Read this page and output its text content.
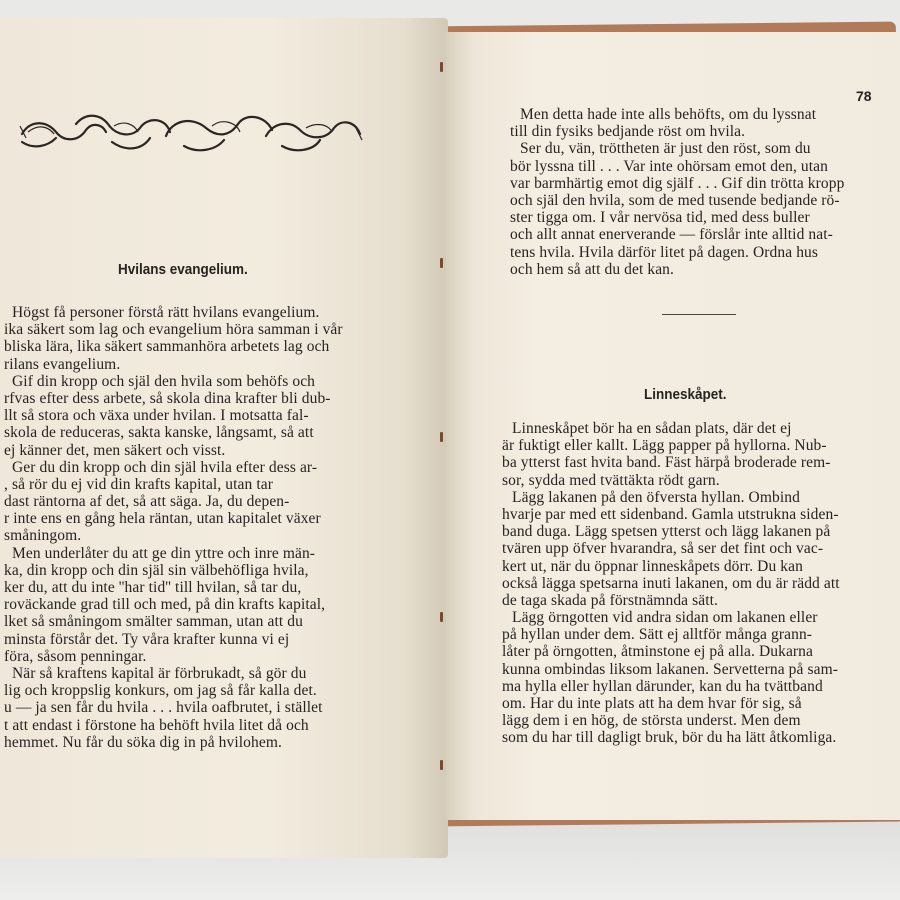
Hvilans evangelium.
Högst få personer förstå rätt hvilans evangelium.
ika säkert som lag och evangelium höra samman i vår
bliska lära, lika säkert sammanhöra arbetets lag och
rilans evangelium.
Gif din kropp och själ den hvila som behöfs och
rfvas efter dess arbete, så skola dina krafter bli dub-
llt så stora och växa under hvilan. I motsatta fal-
skola de reduceras, sakta kanske, långsamt, så att
ej känner det, men säkert och visst.
Ger du din kropp och din själ hvila efter dess ar-
, så rör du ej vid din krafts kapital, utan tar
dast räntorna af det, så att säga. Ja, du depen-
r inte ens en gång hela räntan, utan kapitalet växer
småningom.
Men underlåter du att ge din yttre och inre män-
ka, din kropp och din själ sin välbehöfliga hvila,
ker du, att du inte ''har tid'' till hvilan, så tar du,
roväckande grad till och med, på din krafts kapital,
lket så småningom smälter samman, utan att du
minsta förstår det. Ty våra krafter kunna vi ej
föra, såsom penningar.
När så kraftens kapital är förbrukadt, så gör du
lig och kroppslig konkurs, om jag så får kalla det.
u — ja sen får du hvila . . . hvila oafbrutet, i stället
t att endast i förstone ha behöft hvila litet då och
hemmet. Nu får du söka dig in på hvilohem.
78
Men detta hade inte alls behöfts, om du lyssnat
till din fysiks bedjande röst om hvila.
Ser du, vän, tröttheten är just den röst, som du
bör lyssna till . . . Var inte ohörsam emot den, utan
var barmhärtig emot dig själf . . . Gif din trötta kropp
och själ den hvila, som de med tusende bedjande rö-
ster tigga om. I vår nervösa tid, med dess buller
och allt annat enerverande — förslår inte alltid nat-
tens hvila. Hvila därför litet på dagen. Ordna hus
och hem så att du det kan.
Linneskåpet.
Linneskåpet bör ha en sådan plats, där det ej
är fuktigt eller kallt. Lägg papper på hyllorna. Nub-
ba ytterst fast hvita band. Fäst härpå broderade rem-
sor, sydda med tvättäkta rödt garn.
Lägg lakanen på den öfversta hyllan. Ombind
hvarje par med ett sidenband. Gamla utstrukna siden-
band duga. Lägg spetsen ytterst och lägg lakanen på
tvären upp öfver hvarandra, så ser det fint och vac-
kert ut, när du öppnar linneskåpets dörr. Du kan
också lägga spetsarna inuti lakanen, om du är rädd att
de taga skada på förstnämnda sätt.
Lägg örngotten vid andra sidan om lakanen eller
på hyllan under dem. Sätt ej alltför många grann-
låter på örngotten, åtminstone ej på alla. Dukarna
kunna ombindas liksom lakanen. Servetterna på sam-
ma hylla eller hyllan därunder, kan du ha tvättband
om. Har du inte plats att ha dem hvar för sig, så
lägg dem i en hög, de största underst. Men dem
som du har till dagligt bruk, bör du ha lätt åtkomliga.
